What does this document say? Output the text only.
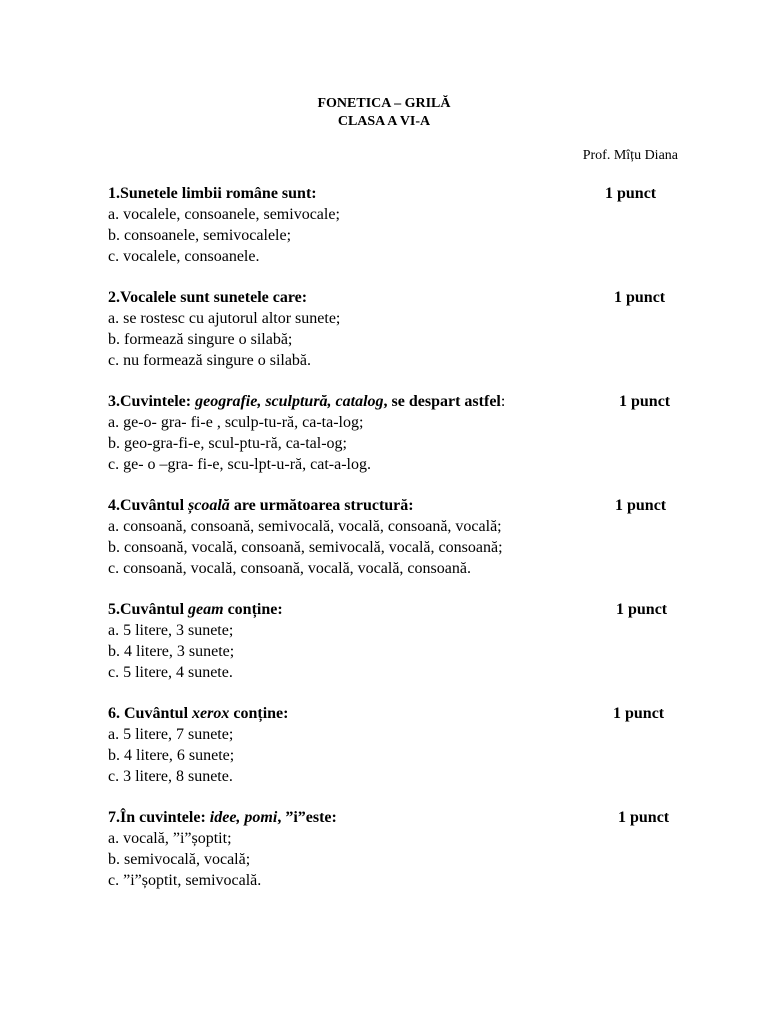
FONETICA – GRILĂ
CLASA A VI-A
Prof. Mîțu Diana
1.Sunetele limbii române sunt:	1 punct
a. vocalele, consoanele, semivocale;
b. consoanele, semivocalele;
c. vocalele, consoanele.
2.Vocalele sunt sunetele care:	1 punct
a. se rostesc cu ajutorul altor sunete;
b. formează singure o silabă;
c. nu formează singure o silabă.
3.Cuvintele: geografie, sculptură, catalog, se despart astfel:	1 punct
a. ge-o- gra- fi-e , sculp-tu-ră, ca-ta-log;
b. geo-gra-fi-e, scul-ptu-ră, ca-tal-og;
c. ge- o –gra- fi-e, scu-lpt-u-ră, cat-a-log.
4.Cuvântul școală are următoarea structură:	1 punct
a. consoană, consoană, semivocală, vocală, consoană, vocală;
b. consoană, vocală, consoană, semivocală, vocală, consoană;
c. consoană, vocală, consoană, vocală, vocală, consoană.
5.Cuvântul geam conține:	1 punct
a. 5 litere, 3 sunete;
b. 4 litere, 3 sunete;
c. 5 litere, 4 sunete.
6. Cuvântul xerox conține:	1 punct
a. 5 litere, 7 sunete;
b. 4 litere, 6 sunete;
c. 3 litere, 8 sunete.
7.În cuvintele: idee, pomi, ”i”este:	1 punct
a. vocală, ”i”șoptit;
b. semivocală, vocală;
c. ”i”șoptit, semivocală.
